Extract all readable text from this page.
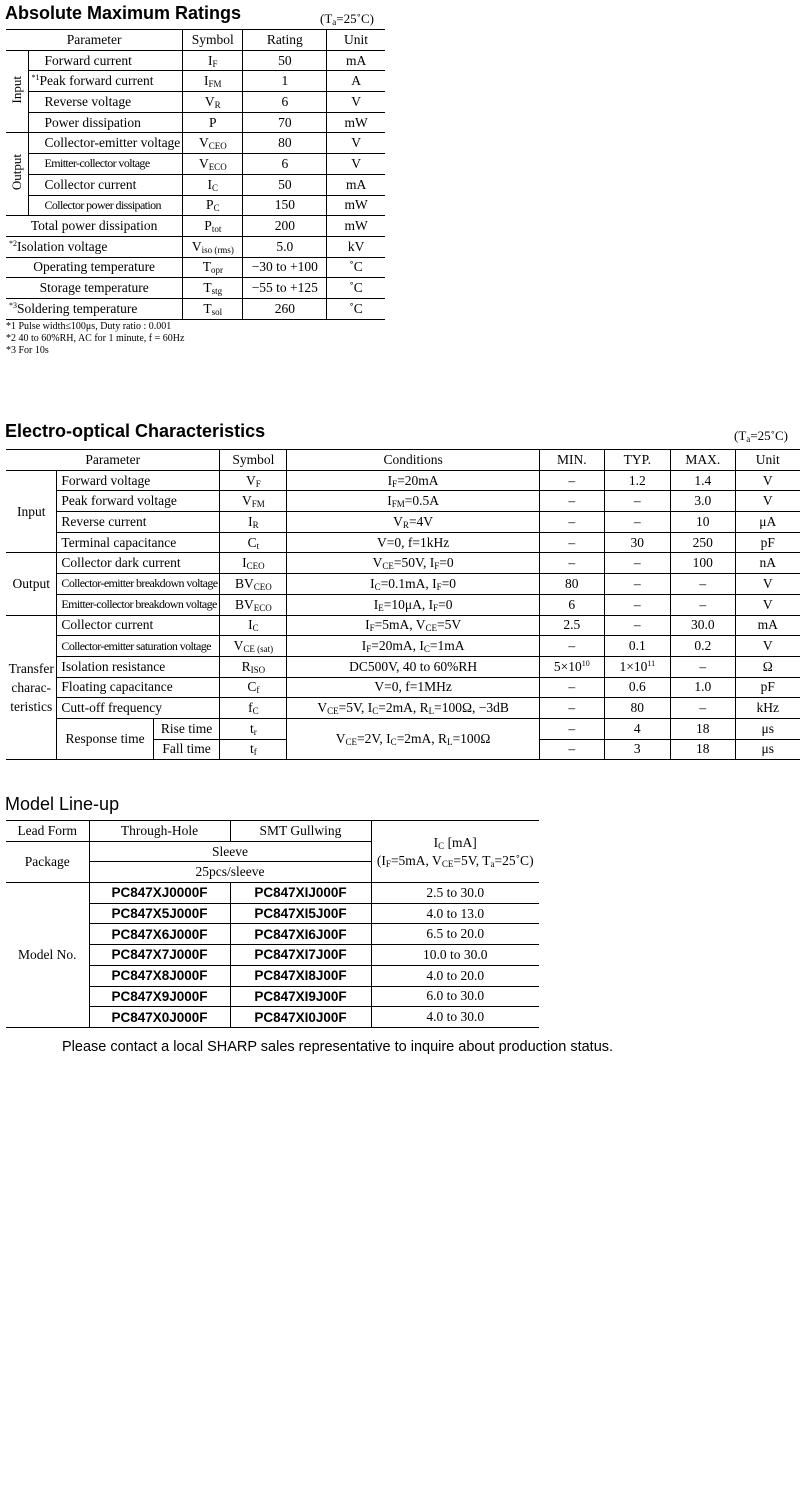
Absolute Maximum Ratings	$(T_a=25˚C)$
Parameter		Symbol	Rating	Unit
Input	Forward current	$I_F$	50	mA
	$^{*1}$Peak forward current	$I_{FM}$	1	A
	Reverse voltage	$V_R$	6	V
	Power dissipation	P	70	mW
Output	Collector-emitter voltage	$V_{CEO}$	80	V
	Emitter-collector voltage	$V_{ECO}$	6	V
	Collector current	$I_C$	50	mA
	Collector power dissipation	$P_C$	150	mW
Total power dissipation		$P_{tot}$	200	mW
$^{*2}$Isolation voltage		$V_{iso (rms)}$	5.0	kV
Operating temperature		$T_{opr}$	−30 to +100	˚C
Storage temperature		$T_{stg}$	−55 to +125	˚C
$^{*3}$Soldering temperature		$T_{sol}$	260	˚C
*1 Pulse width≤100μs, Duty ratio : 0.001
*2 40 to 60%RH, AC for 1 minute, f = 60Hz
*3 For 10s
Electro-optical Characteristics	$(T_a=25˚C)$
Parameter			Symbol	Conditions	MIN.	TYP.	MAX.	Unit
Input	Forward voltage		$V_F$	$I_F=20mA$	–	1.2	1.4	V
	Peak forward voltage		$V_{FM}$	$I_{FM}=0.5A$	–	–	3.0	V
	Reverse current		$I_R$	$V_R=4V$	–	–	10	μA
	Terminal capacitance		$C_t$	V=0, f=1kHz	–	30	250	pF
Output	Collector dark current		$I_{CEO}$	$V_{CE}=50V$, $I_F=0$	–	–	100	nA
	Collector-emitter breakdown voltage		$BV_{CEO}$	$I_C=0.1mA$, $I_F=0$	80	–	–	V
	Emitter-collector breakdown voltage		$BV_{ECO}$	$I_E=10\mu A$, $I_F=0$	6	–	–	V
Transfer
charac-
teristics	Collector current		$I_C$	$I_F=5mA$, $V_{CE}=5V$	2.5	–	30.0	mA
	Collector-emitter saturation voltage		$V_{CE (sat)}$	$I_F=20mA$, $I_C=1mA$	–	0.1	0.2	V
	Isolation resistance		$R_{ISO}$	DC500V, 40 to 60%RH	$5\times 10^{10}$	$1\times 10^{11}$	–	Ω
	Floating capacitance		$C_f$	V=0, f=1MHz	–	0.6	1.0	pF
	Cutt-off frequency		$f_C$	$V_{CE}=5V$, $I_C=2mA$, $R_L=100\Omega$, −3dB	–	80	–	kHz
	Response time	Rise time	$t_r$	$V_{CE}=2V$, $I_C=2mA$, $R_L=100\Omega$	–	4	18	μs
		Fall time	$t_f$		–	3	18	μs
Model Line-up
Lead Form	Through-Hole	SMT Gullwing	$I_C$ [mA]
($I_F=5mA$, $V_{CE}=5V$, $T_a=25˚C$)
Package	Sleeve		
	25pcs/sleeve		
Model No.	PC847XJ0000F	PC847XIJ000F	2.5 to 30.0
	PC847X5J000F	PC847XI5J00F	4.0 to 13.0
	PC847X6J000F	PC847XI6J00F	6.5 to 20.0
	PC847X7J000F	PC847XI7J00F	10.0 to 30.0
	PC847X8J000F	PC847XI8J00F	4.0 to 20.0
	PC847X9J000F	PC847XI9J00F	6.0 to 30.0
	PC847X0J000F	PC847XI0J00F	4.0 to 30.0
Please contact a local SHARP sales representative to inquire about production status.
